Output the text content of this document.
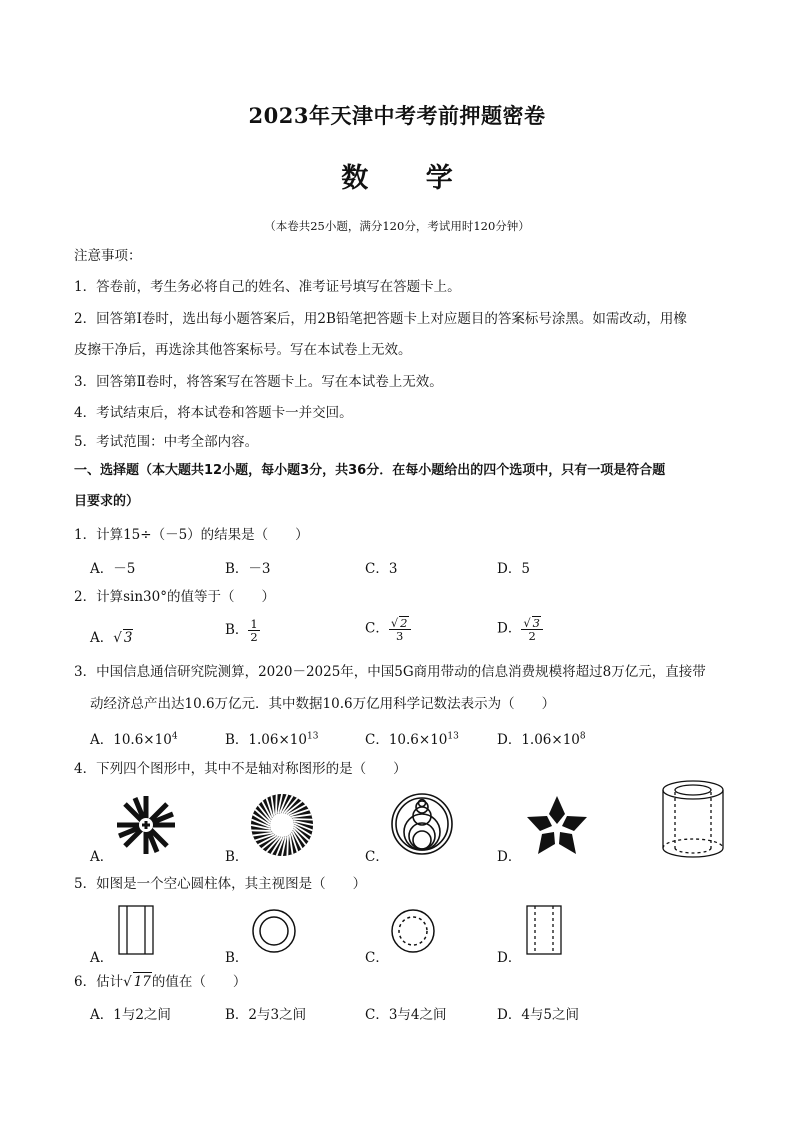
2023年天津中考考前押题密卷
数 学
（本卷共25小题，满分120分，考试用时120分钟）
注意事项：
1．答卷前，考生务必将自己的姓名、准考证号填写在答题卡上。
2．回答第Ⅰ卷时，选出每小题答案后，用2B铅笔把答题卡上对应题目的答案标号涂黑。如需改动，用橡
皮擦干净后，再选涂其他答案标号。写在本试卷上无效。
3．回答第Ⅱ卷时，将答案写在答题卡上。写在本试卷上无效。
4．考试结束后，将本试卷和答题卡一并交回。
5．考试范围：中考全部内容。
一、选择题（本大题共12小题，每小题3分，共36分．在每小题给出的四个选项中，只有一项是符合题
目要求的）
1．计算15÷（－5）的结果是（　　）
A．－5	B．－3	C．3	D．5
2．计算sin30°的值等于（　　）
A．√ 3	B． $\frac{1}{2}$	C． $\frac{√ 2}{3}$	D． $\frac{√ 3}{2}$
3．中国信息通信研究院测算，2020－2025年，中国5G商用带动的信息消费规模将超过8万亿元，直接带
动经济总产出达10.6万亿元．其中数据10.6万亿用科学记数法表示为（　　）
A．$10.6\times 10^4$	B．$1.06\times 10^{13}$	C．$10.6\times 10^{13}$	D．$1.06\times 10^8$
4．下列四个图形中，其中不是轴对称图形的是（　　）
A．	B．	C．	D．
5．如图是一个空心圆柱体，其主视图是（　　）
A．	B．	C．	D．
6．估计√ 17的值在（　　）
A．1与2之间	B．2与3之间	C．3与4之间	D．4与5之间
